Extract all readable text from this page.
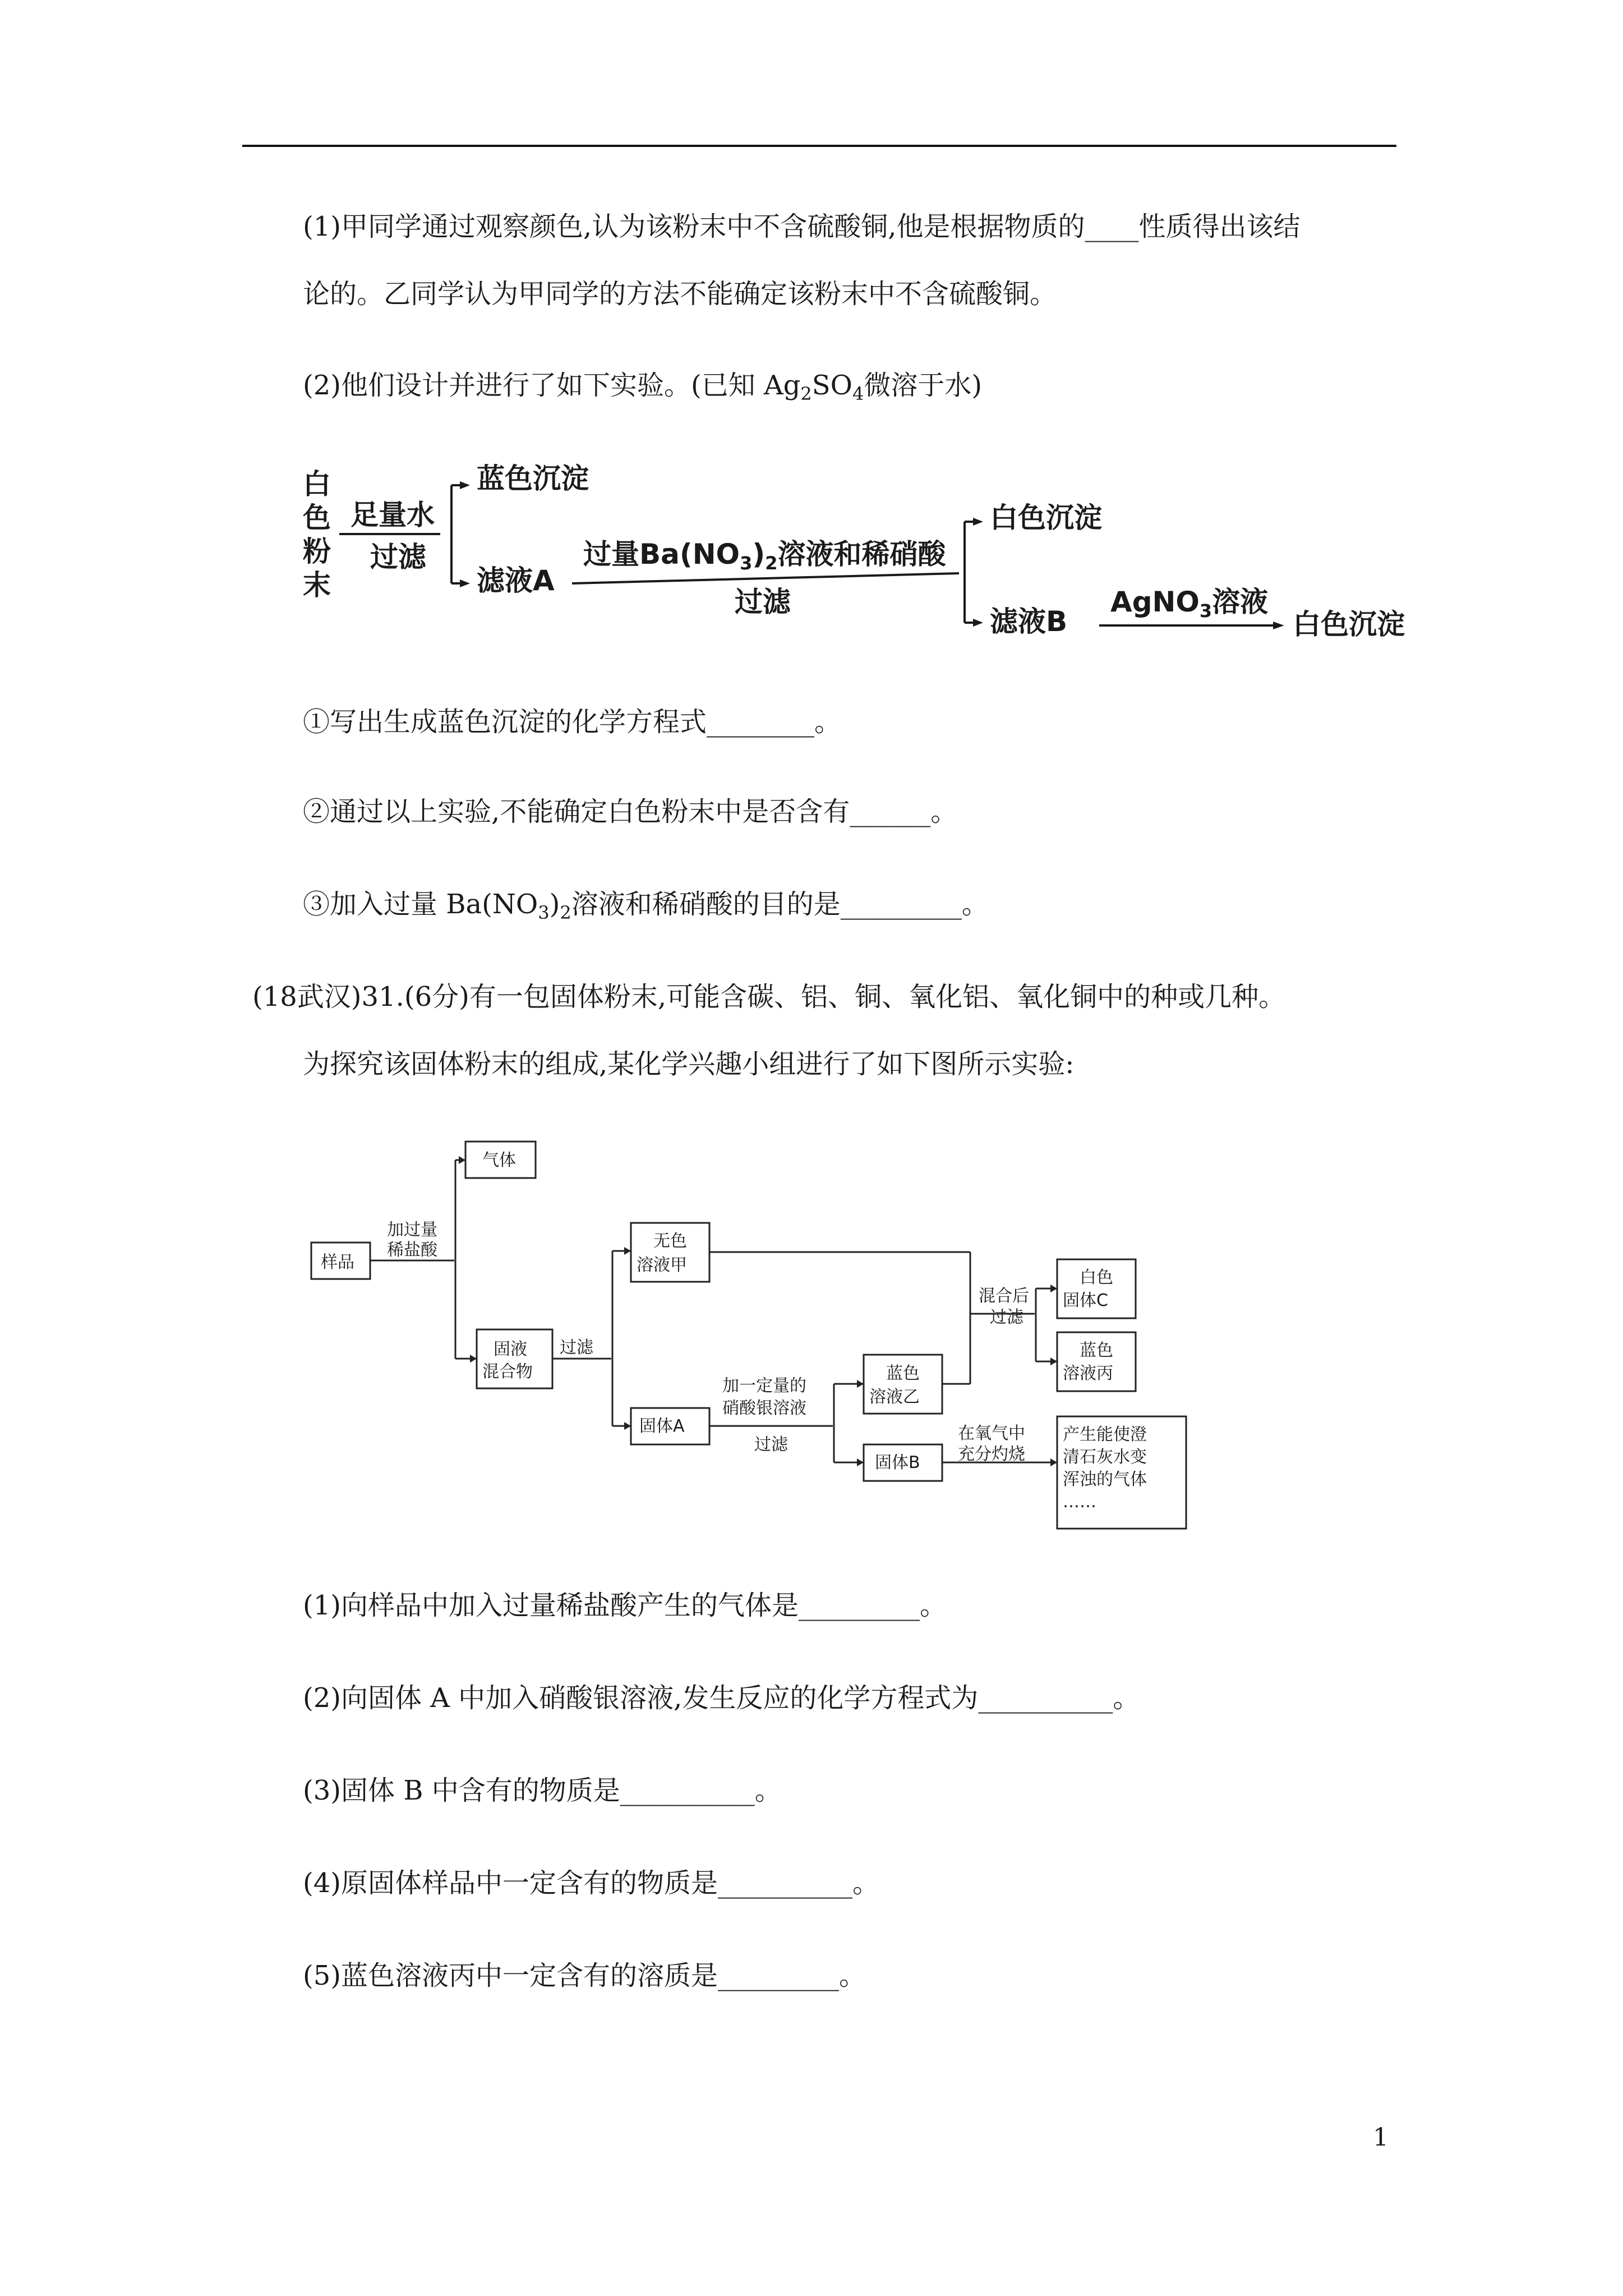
(1)甲同学通过观察颜色,认为该粉末中不含硫酸铜,他是根据物质的____性质得出该结
论的。乙同学认为甲同学的方法不能确定该粉末中不含硫酸铜。
(2)他们设计并进行了如下实验。(已知 $Ag_2SO_4$微溶于水)
白
色
粉
末
足量水
过滤
蓝色沉淀
滤液A
过量$Ba(NO_3)_2$溶液和稀硝酸
过滤
白色沉淀
滤液B
AgNO$_3$溶液
白色沉淀
①写出生成蓝色沉淀的化学方程式________。
②通过以上实验,不能确定白色粉末中是否含有______。
③加入过量 $Ba(NO_3)_2$溶液和稀硝酸的目的是_________。
(18武汉)31.(6分)有一包固体粉末,可能含碳、铝、铜、氧化铝、氧化铜中的种或几种。
为探究该固体粉末的组成,某化学兴趣小组进行了如下图所示实验:
样品
加过量
稀盐酸
气体
固液
混合物
过滤
无色
溶液甲
固体A
加一定量的
硝酸银溶液
过滤
蓝色
溶液乙
固体B
混合后
过滤
白色
固体C
蓝色
溶液丙
在氧气中
充分灼烧
产生能使澄
清石灰水变
浑浊的气体
……
(1)向样品中加入过量稀盐酸产生的气体是_________。
(2)向固体 A 中加入硝酸银溶液,发生反应的化学方程式为__________。
(3)固体 B 中含有的物质是__________。
(4)原固体样品中一定含有的物质是__________。
(5)蓝色溶液丙中一定含有的溶质是_________。
1
